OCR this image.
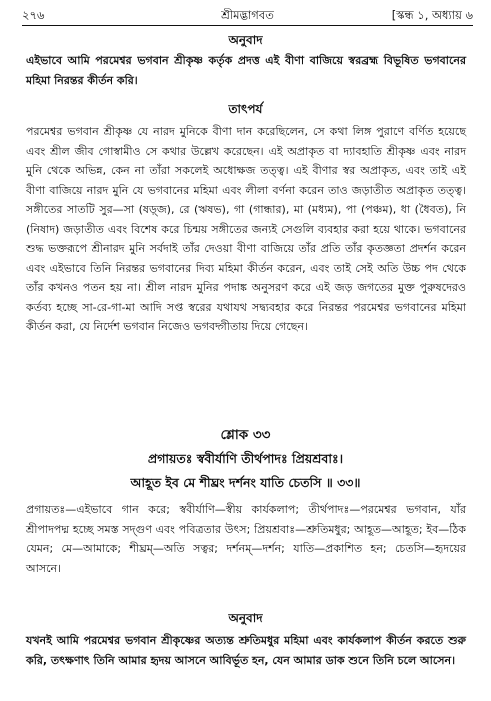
২৭৬	শ্রীমদ্ভাগবত	[স্কন্ধ ১, অধ্যায় ৬
অনুবাদ
এইভাবে আমি পরমেশ্বর ভগবান শ্রীকৃষ্ণ কর্তৃক প্রদত্ত এই বীণা বাজিয়ে স্বরব্রহ্ম বিভূষিত ভগবানের মহিমা নিরন্তর কীর্তন করি।
তাৎপর্য
পরমেশ্বর ভগবান শ্রীকৃষ্ণ যে নারদ মুনিকে বীণা দান করেছিলেন, সে কথা লিঙ্গ পুরাণে বর্ণিত হয়েছে এবং শ্রীল জীব গোস্বামীও সে কথার উল্লেখ করেছেন। এই অপ্রাকৃত বা দ্যাবহাতি শ্রীকৃষ্ণ এবং নারদ মুনি থেকে অভিন্ন, কেন না তাঁরা সকলেই অধোক্ষজ তত্ত্ব। এই বীণার স্বর অপ্রাকৃত, এবং তাই এই বীণা বাজিয়ে নারদ মুনি যে ভগবানের মহিমা এবং লীলা বর্ণনা করেন তাও জড়াতীত অপ্রাকৃত তত্ত্ব। সঙ্গীতের সাতটি সুর—সা (ষড়্জ), রে (ঋষভ), গা (গান্ধার), মা (মধ্যম), পা (পঞ্চম), ধা (ধৈবত), নি (নিষাদ) জড়াতীত এবং বিশেষ করে চিন্ময় সঙ্গীতের জন্যই সেগুলি ব্যবহার করা হয়ে থাকে। ভগবানের শুদ্ধ ভক্তরূপে শ্রীনারদ মুনি সর্বদাই তাঁর দেওয়া বীণা বাজিয়ে তাঁর প্রতি তাঁর কৃতজ্ঞতা প্রদর্শন করেন এবং এইভাবে তিনি নিরন্তর ভগবানের দিব্য মহিমা কীর্তন করেন, এবং তাই সেই অতি উচ্চ পদ থেকে তাঁর কখনও পতন হয় না। শ্রীল নারদ মুনির পদাঙ্ক অনুসরণ করে এই জড় জগতের মুক্ত পুরুষদেরও কর্তব্য হচ্ছে সা-রে-গা-মা আদি সপ্ত স্বরের যথাযথ সদ্ব্যবহার করে নিরন্তর পরমেশ্বর ভগবানের মহিমা কীর্তন করা, যে নির্দেশ ভগবান নিজেও ভগবদ্গীতায় দিয়ে গেছেন।
শ্লোক ৩৩
প্রগায়তঃ স্ববীর্যাণি তীর্থপাদঃ প্রিয়শ্রবাঃ।
আহূত ইব মে শীঘ্রং দর্শনং যাতি চেতসি ॥ ৩৩॥
প্রগায়তঃ—এইভাবে গান করে; স্ববীর্যাণি—স্বীয় কার্যকলাপ; তীর্থপাদঃ—পরমেশ্বর ভগবান, যাঁর শ্রীপাদপদ্ম হচ্ছে সমস্ত সদ্গুণ এবং পবিত্রতার উৎস; প্রিয়শ্রবাঃ—শ্রুতিমধুর; আহূত—আহূত; ইব—ঠিক যেমন; মে—আমাকে; শীঘ্রম্—অতি সত্বর; দর্শনম্—দর্শন; যাতি—প্রকাশিত হন; চেতসি—হৃদয়ের আসনে।
অনুবাদ
যখনই আমি পরমেশ্বর ভগবান শ্রীকৃষ্ণের অত্যন্ত শ্রুতিমধুর মহিমা এবং কার্যকলাপ কীর্তন করতে শুরু করি, তৎক্ষণাৎ তিনি আমার হৃদয় আসনে আবির্ভূত হন, যেন আমার ডাক শুনে তিনি চলে আসেন।
